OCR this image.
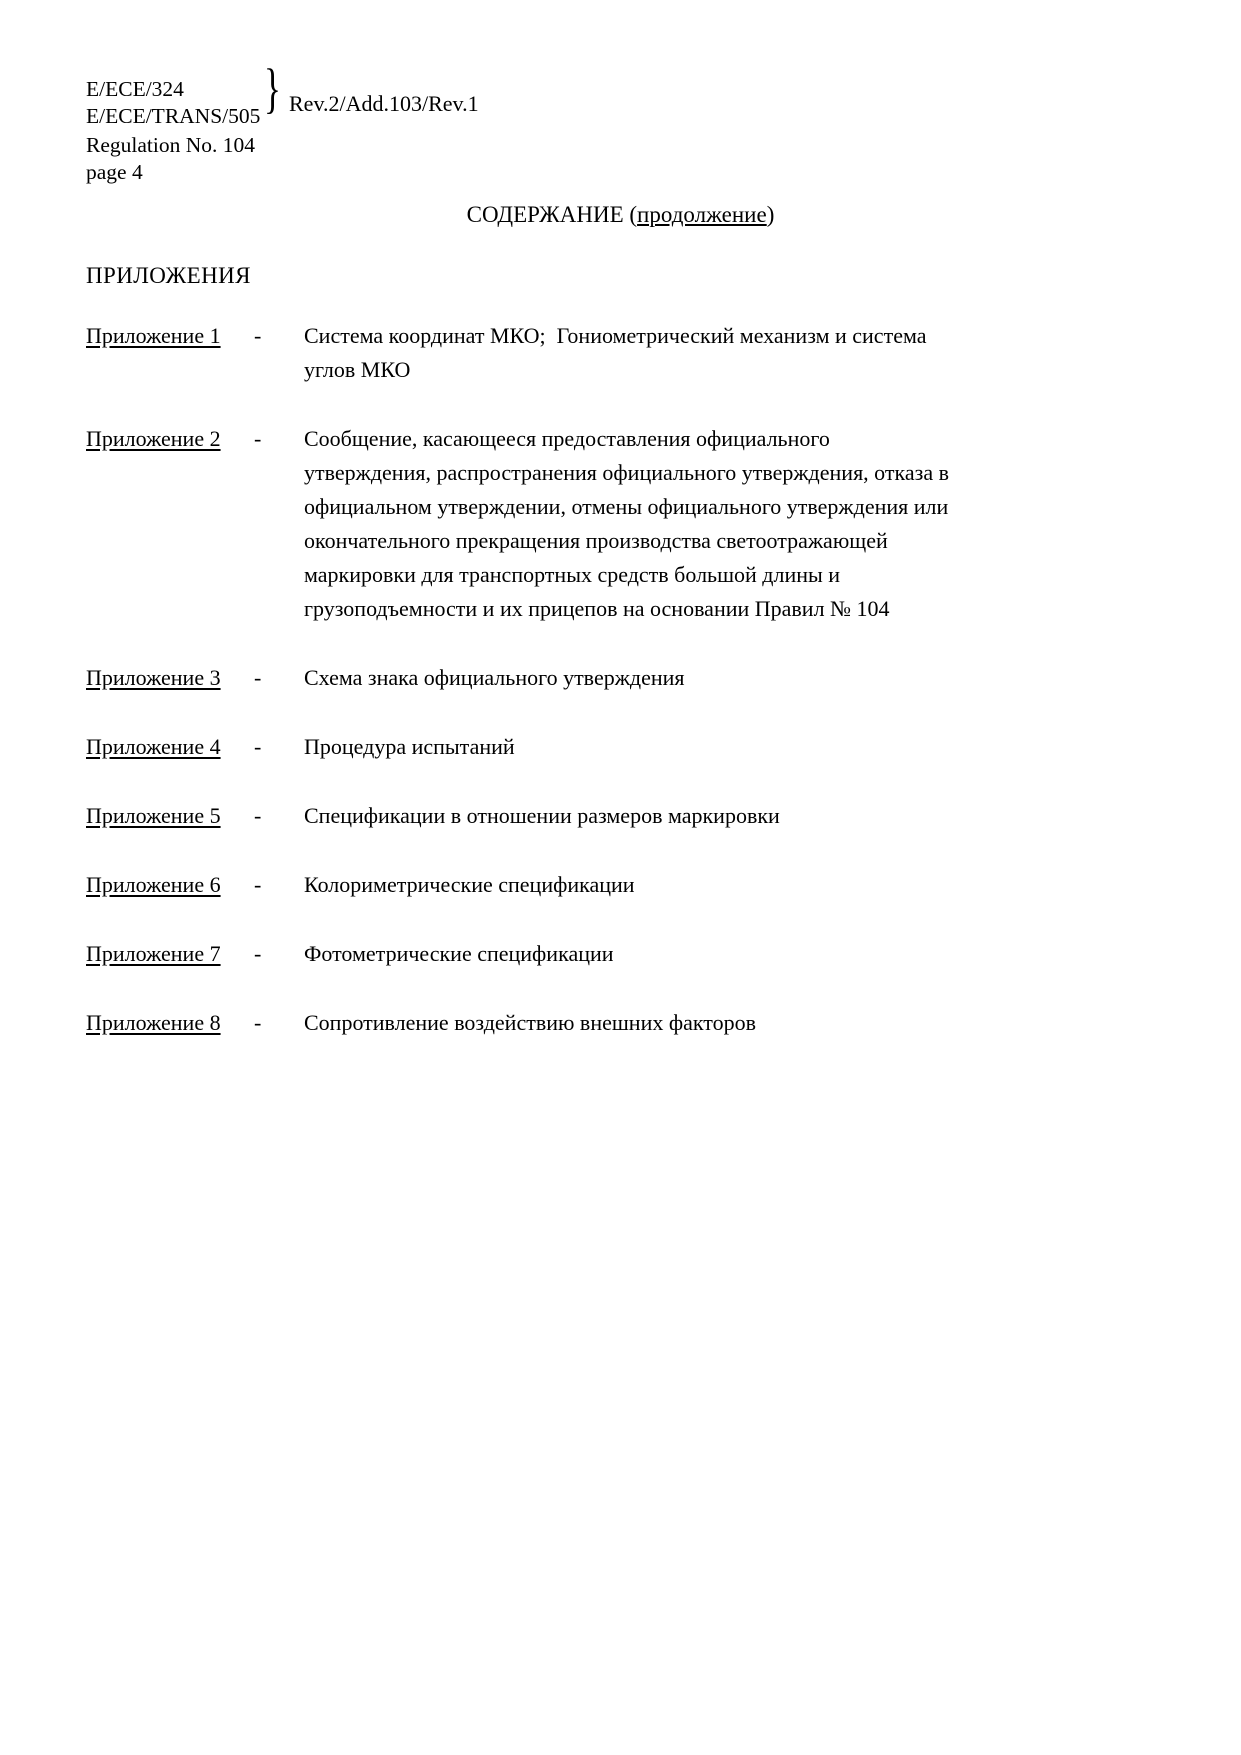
E/ECE/324
E/ECE/TRANS/505 } Rev.2/Add.103/Rev.1
Regulation No. 104
page 4
СОДЕРЖАНИЕ (продолжение)
ПРИЛОЖЕНИЯ
Приложение 1	-	Система координат МКО;  Гониометрический механизм и система
углов МКО
Приложение 2	-	Сообщение, касающееся предоставления официального
утверждения, распространения официального утверждения, отказа в
официальном утверждении, отмены официального утверждения или
окончательного прекращения производства светоотражающей
маркировки для транспортных средств большой длины и
грузоподъемности и их прицепов на основании Правил № 104
Приложение 3	-	Схема знака официального утверждения
Приложение 4	-	Процедура испытаний
Приложение 5	-	Спецификации в отношении размеров маркировки
Приложение 6	-	Колориметрические спецификации
Приложение 7	-	Фотометрические спецификации
Приложение 8	-	Сопротивление воздействию внешних факторов
